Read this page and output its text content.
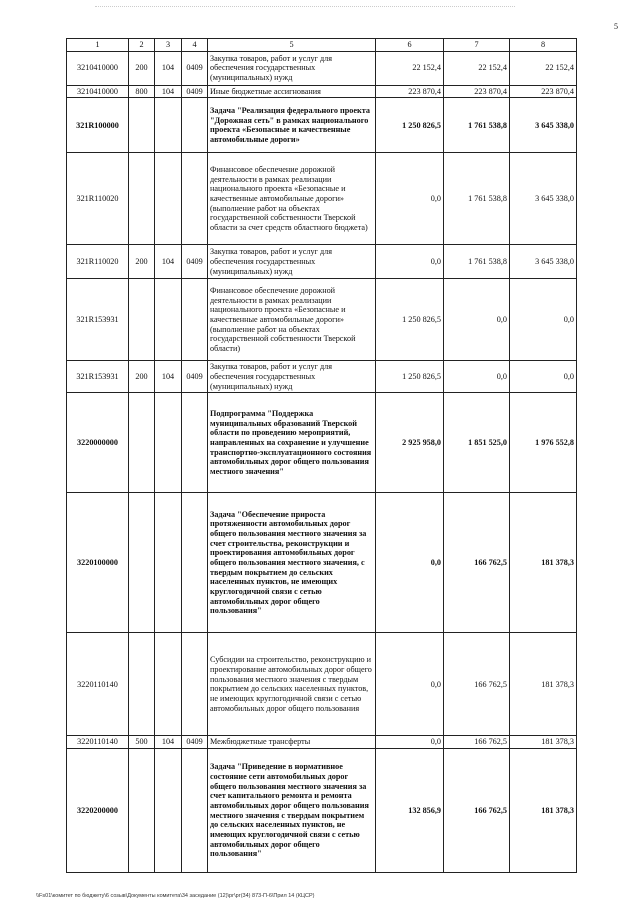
5
1	2	3	4	5	6	7	8
3210410000	200	104	0409	Закупка товаров, работ и услуг для обеспечения государственных (муниципальных) нужд	22 152,4	22 152,4	22 152,4
3210410000	800	104	0409	Иные бюджетные ассигнования	223 870,4	223 870,4	223 870,4
321R100000				Задача "Реализация федерального проекта "Дорожная сеть" в рамках национального проекта «Безопасные и качественные автомобильные дороги»	1 250 826,5	1 761 538,8	3 645 338,0
321R110020				Финансовое обеспечение дорожной деятельности в рамках реализации национального проекта «Безопасные и качественные автомобильные дороги» (выполнение работ на объектах государственной собственности Тверской области за счет средств областного бюджета)	0,0	1 761 538,8	3 645 338,0
321R110020	200	104	0409	Закупка товаров, работ и услуг для обеспечения государственных (муниципальных) нужд	0,0	1 761 538,8	3 645 338,0
321R153931				Финансовое обеспечение дорожной деятельности в рамках реализации национального проекта «Безопасные и качественные автомобильные дороги» (выполнение работ на объектах государственной собственности Тверской области)	1 250 826,5	0,0	0,0
321R153931	200	104	0409	Закупка товаров, работ и услуг для обеспечения государственных (муниципальных) нужд	1 250 826,5	0,0	0,0
3220000000				Подпрограмма "Поддержка муниципальных образований Тверской области по проведению мероприятий, направленных на сохранение и улучшение транспортно-эксплуатационного состояния автомобильных дорог общего пользования местного значения"	2 925 958,0	1 851 525,0	1 976 552,8
3220100000				Задача "Обеспечение прироста протяженности автомобильных дорог общего пользования местного значения за счет строительства, реконструкции и проектирования автомобильных дорог общего пользования местного значения, с твердым покрытием до сельских населенных пунктов, не имеющих круглогодичной связи с сетью автомобильных дорог общего пользования"	0,0	166 762,5	181 378,3
3220110140				Субсидии на строительство, реконструкцию и проектирование автомобильных дорог общего пользования местного значения с твердым покрытием до сельских населенных пунктов, не имеющих круглогодичной связи с сетью автомобильных дорог общего пользования	0,0	166 762,5	181 378,3
3220110140	500	104	0409	Межбюджетные трансферты	0,0	166 762,5	181 378,3
3220200000				Задача "Приведение в нормативное состояние сети автомобильных дорог общего пользования местного значения за счет капитального ремонта и ремонта автомобильных дорог общего пользования местного значения с твердым покрытием до сельских населенных пунктов, не имеющих круглогодичной связи с сетью автомобильных дорог общего пользования"	132 856,9	166 762,5	181 378,3
\\Fs01\комитет по бюджету\6 созыв\Документы комитета\34 заседание (12)\рг\рг(34) 873-П-6\Прил 14 (КЦСР)
